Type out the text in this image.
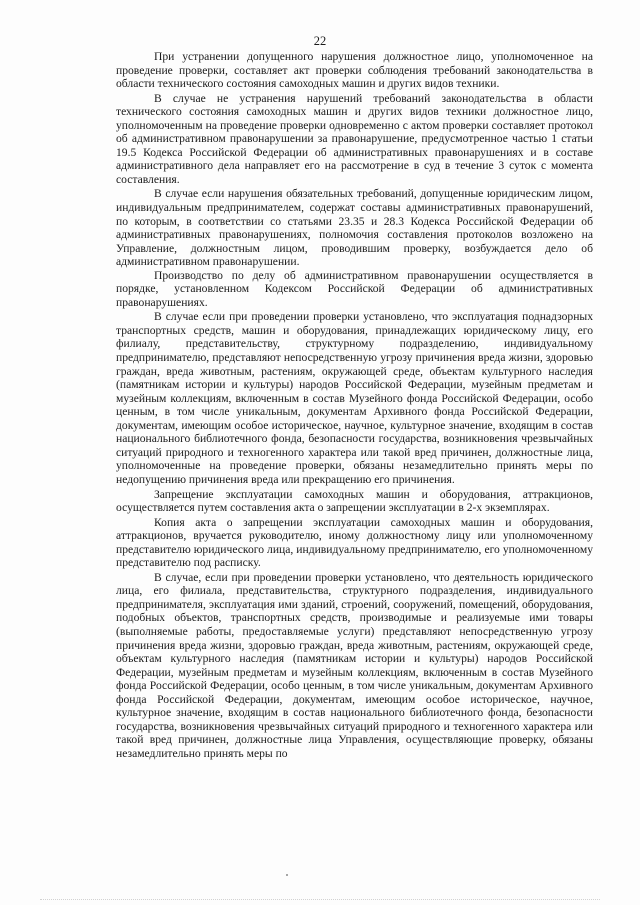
22

При устранении допущенного нарушения должностное лицо, уполномоченное на проведение проверки, составляет акт проверки соблюдения требований законодательства в области технического состояния самоходных машин и других видов техники.

В случае не устранения нарушений требований законодательства в области технического состояния самоходных машин и других видов техники должностное лицо, уполномоченным на проведение проверки одновременно с актом проверки составляет протокол об административном правонарушении за правонарушение, предусмотренное частью 1 статьи 19.5 Кодекса Российской Федерации об административных правонарушениях и в составе административного дела направляет его на рассмотрение в суд в течение 3 суток с момента составления.

В случае если нарушения обязательных требований, допущенные юридическим лицом, индивидуальным предпринимателем, содержат составы административных правонарушений, по которым, в соответствии со статьями 23.35 и 28.3 Кодекса Российской Федерации об административных правонарушениях, полномочия составления протоколов возложено на Управление, должностным лицом, проводившим проверку, возбуждается дело об административном правонарушении.

Производство по делу об административном правонарушении осуществляется в порядке, установленном Кодексом Российской Федерации об административных правонарушениях.

В случае если при проведении проверки установлено, что эксплуатация поднадзорных транспортных средств, машин и оборудования, принадлежащих юридическому лицу, его филиалу, представительству, структурному подразделению, индивидуальному предпринимателю, представляют непосредственную угрозу причинения вреда жизни, здоровью граждан, вреда животным, растениям, окружающей среде, объектам культурного наследия (памятникам истории и культуры) народов Российской Федерации, музейным предметам и музейным коллекциям, включенным в состав Музейного фонда Российской Федерации, особо ценным, в том числе уникальным, документам Архивного фонда Российской Федерации, документам, имеющим особое историческое, научное, культурное значение, входящим в состав национального библиотечного фонда, безопасности государства, возникновения чрезвычайных ситуаций природного и техногенного характера или такой вред причинен, должностные лица, уполномоченные на проведение проверки, обязаны незамедлительно принять меры по недопущению причинения вреда или прекращению его причинения.

Запрещение эксплуатации самоходных машин и оборудования, аттракционов, осуществляется путем составления акта о запрещении эксплуатации в 2-х экземплярах.

Копия акта о запрещении эксплуатации самоходных машин и оборудования, аттракционов, вручается руководителю, иному должностному лицу или уполномоченному представителю юридического лица, индивидуальному предпринимателю, его уполномоченному представителю под расписку.

В случае, если при проведении проверки установлено, что деятельность юридического лица, его филиала, представительства, структурного подразделения, индивидуального предпринимателя, эксплуатация ими зданий, строений, сооружений, помещений, оборудования, подобных объектов, транспортных средств, производимые и реализуемые ими товары (выполняемые работы, предоставляемые услуги) представляют непосредственную угрозу причинения вреда жизни, здоровью граждан, вреда животным, растениям, окружающей среде, объектам культурного наследия (памятникам истории и культуры) народов Российской Федерации, музейным предметам и музейным коллекциям, включенным в состав Музейного фонда Российской Федерации, особо ценным, в том числе уникальным, документам Архивного фонда Российской Федерации, документам, имеющим особое историческое, научное, культурное значение, входящим в состав национального библиотечного фонда, безопасности государства, возникновения чрезвычайных ситуаций природного и техногенного характера или такой вред причинен, должностные лица Управления, осуществляющие проверку, обязаны незамедлительно принять меры по
